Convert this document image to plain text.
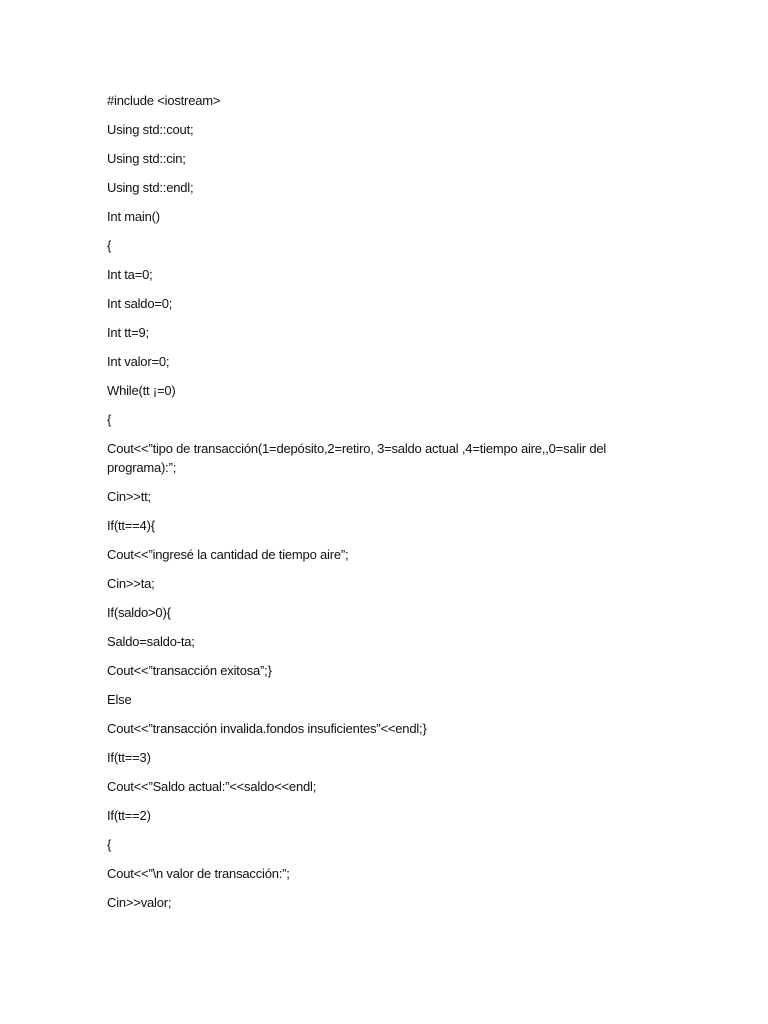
#include <iostream>
Using std::cout;
Using std::cin;
Using std::endl;
Int main()
{
Int ta=0;
Int saldo=0;
Int tt=9;
Int valor=0;
While(tt ¡=0)
{
Cout<<”tipo de transacción(1=depósito,2=retiro, 3=saldo actual ,4=tiempo aire,,0=salir del programa):”;
Cin>>tt;
If(tt==4){
Cout<<”ingresé la cantidad de tiempo aire”;
Cin>>ta;
If(saldo>0){
Saldo=saldo-ta;
Cout<<”transacción exitosa”;}
Else
Cout<<”transacción invalida.fondos insuficientes”<<endl;}
If(tt==3)
Cout<<”Saldo actual:”<<saldo<<endl;
If(tt==2)
{
Cout<<”\n valor de transacción:”;
Cin>>valor;
